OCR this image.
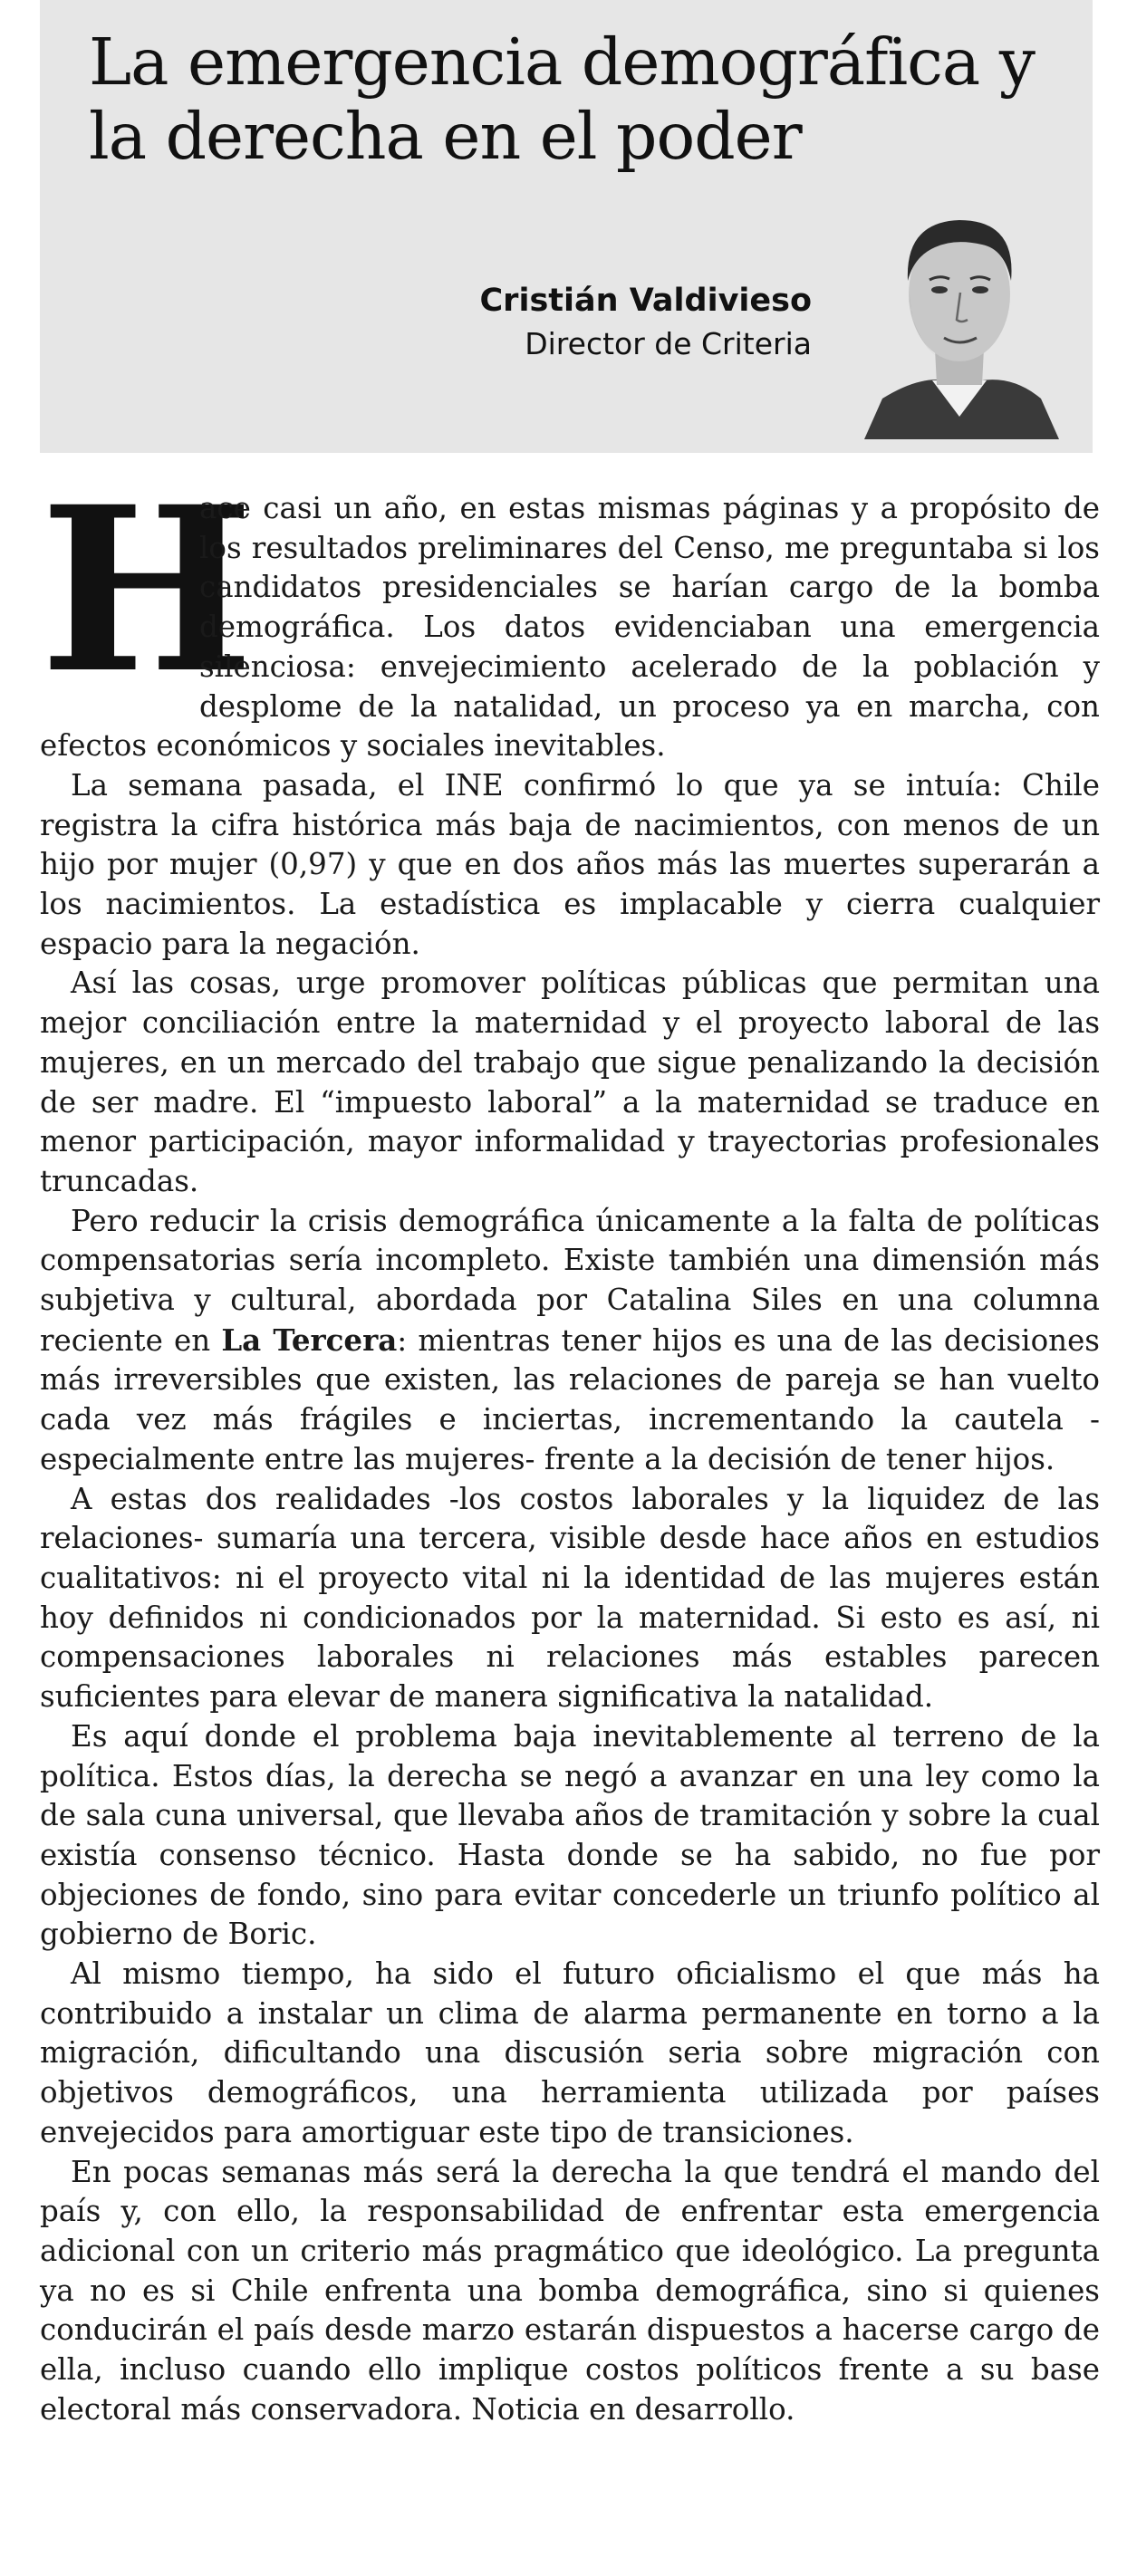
La emergencia demográfica y la derecha en el poder
Cristián Valdivieso
Director de Criteria

H
ace casi un año, en estas mismas páginas y a propósito de los resultados preliminares del Censo, me preguntaba si los candidatos presidenciales se harían cargo de la bomba demográfica. Los datos evidenciaban una emergencia silenciosa: envejecimiento acelerado de la población y desplome de la natalidad, un proceso ya en marcha, con efectos económicos y sociales inevitables.

La semana pasada, el INE confirmó lo que ya se intuía: Chile registra la cifra histórica más baja de nacimientos, con menos de un hijo por mujer (0,97) y que en dos años más las muertes superarán a los nacimientos. La estadística es implacable y cierra cualquier espacio para la negación.

Así las cosas, urge promover políticas públicas que permitan una mejor conciliación entre la maternidad y el proyecto laboral de las mujeres, en un mercado del trabajo que sigue penalizando la decisión de ser madre. El “impuesto laboral” a la maternidad se traduce en menor participación, mayor informalidad y trayectorias profesionales truncadas.

Pero reducir la crisis demográfica únicamente a la falta de políticas compensatorias sería incompleto. Existe también una dimensión más subjetiva y cultural, abordada por Catalina Siles en una columna reciente en La Tercera: mientras tener hijos es una de las decisiones más irreversibles que existen, las relaciones de pareja se han vuelto cada vez más frágiles e inciertas, incrementando la cautela -especialmente entre las mujeres- frente a la decisión de tener hijos.

A estas dos realidades -los costos laborales y la liquidez de las relaciones- sumaría una tercera, visible desde hace años en estudios cualitativos: ni el proyecto vital ni la identidad de las mujeres están hoy definidos ni condicionados por la maternidad. Si esto es así, ni compensaciones laborales ni relaciones más estables parecen suficientes para elevar de manera significativa la natalidad.

Es aquí donde el problema baja inevitablemente al terreno de la política. Estos días, la derecha se negó a avanzar en una ley como la de sala cuna universal, que llevaba años de tramitación y sobre la cual existía consenso técnico. Hasta donde se ha sabido, no fue por objeciones de fondo, sino para evitar concederle un triunfo político al gobierno de Boric.

Al mismo tiempo, ha sido el futuro oficialismo el que más ha contribuido a instalar un clima de alarma permanente en torno a la migración, dificultando una discusión seria sobre migración con objetivos demográficos, una herramienta utilizada por países envejecidos para amortiguar este tipo de transiciones.

En pocas semanas más será la derecha la que tendrá el mando del país y, con ello, la responsabilidad de enfrentar esta emergencia adicional con un criterio más pragmático que ideológico. La pregunta ya no es si Chile enfrenta una bomba demográfica, sino si quienes conducirán el país desde marzo estarán dispuestos a hacerse cargo de ella, incluso cuando ello implique costos políticos frente a su base electoral más conservadora. Noticia en desarrollo.
